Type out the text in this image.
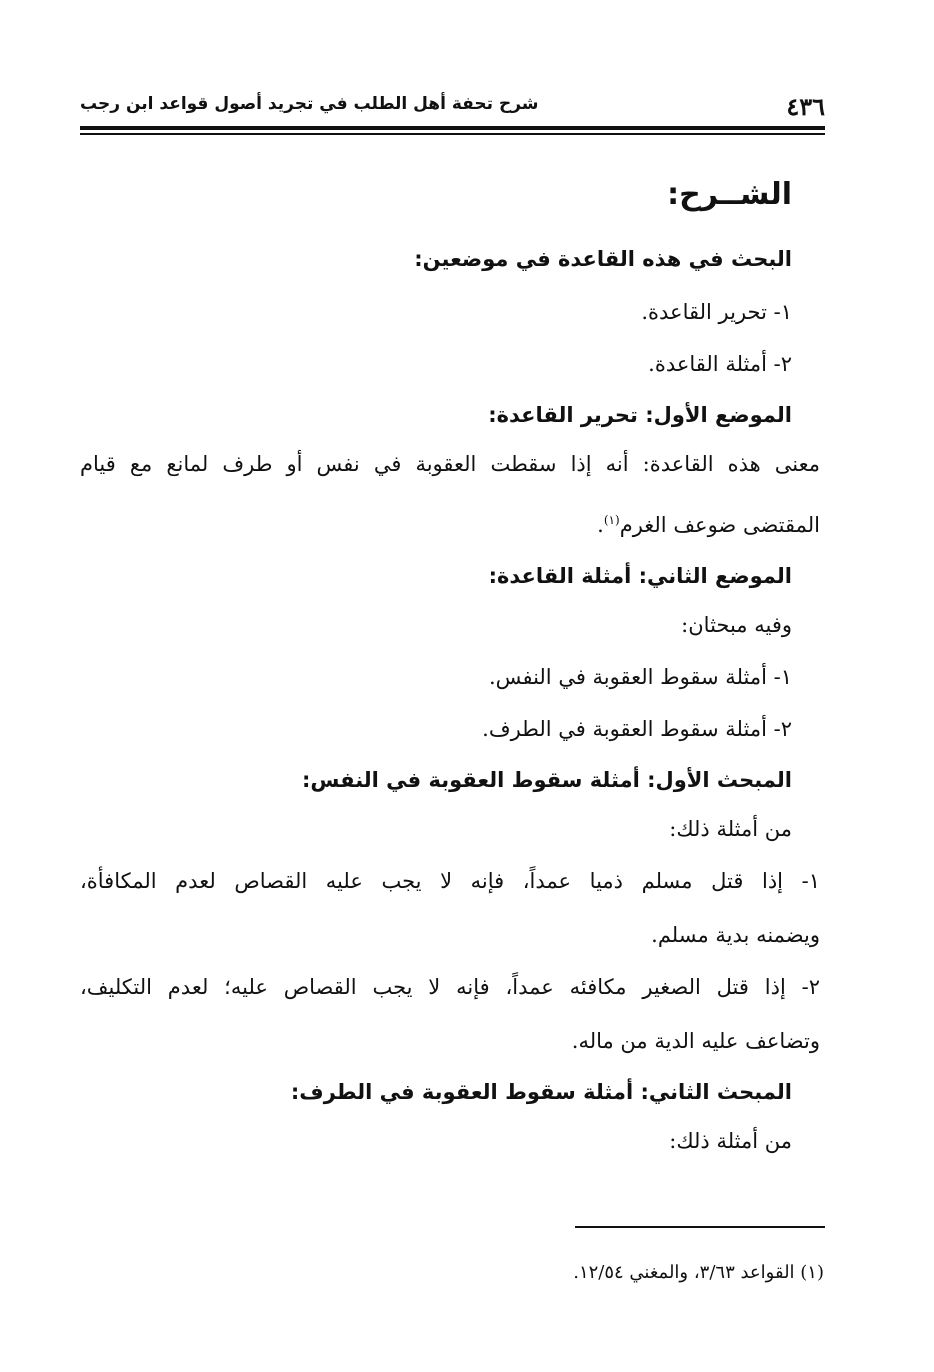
٤٣٦
شرح تحفة أهل الطلب في تجريد أصول قواعد ابن رجب

الشــرح:

البحث في هذه القاعدة في موضعين:

١- تحرير القاعدة.

٢- أمثلة القاعدة.

الموضع الأول: تحرير القاعدة:

معنى هذه القاعدة: أنه إذا سقطت العقوبة في نفس أو طرف لمانع مع قيام

المقتضى ضوعف الغرم$^{(١)}$.

الموضع الثاني: أمثلة القاعدة:

وفيه مبحثان:

١- أمثلة سقوط العقوبة في النفس.

٢- أمثلة سقوط العقوبة في الطرف.

المبحث الأول: أمثلة سقوط العقوبة في النفس:

من أمثلة ذلك:

١- إذا قتل مسلم ذميا عمداً، فإنه لا يجب عليه القصاص لعدم المكافأة،

ويضمنه بدية مسلم.

٢- إذا قتل الصغير مكافئه عمداً، فإنه لا يجب القصاص عليه؛ لعدم التكليف،

وتضاعف عليه الدية من ماله.

المبحث الثاني: أمثلة سقوط العقوبة في الطرف:

من أمثلة ذلك:

(١) القواعد ٣/٦٣، والمغني ١٢/٥٤.
